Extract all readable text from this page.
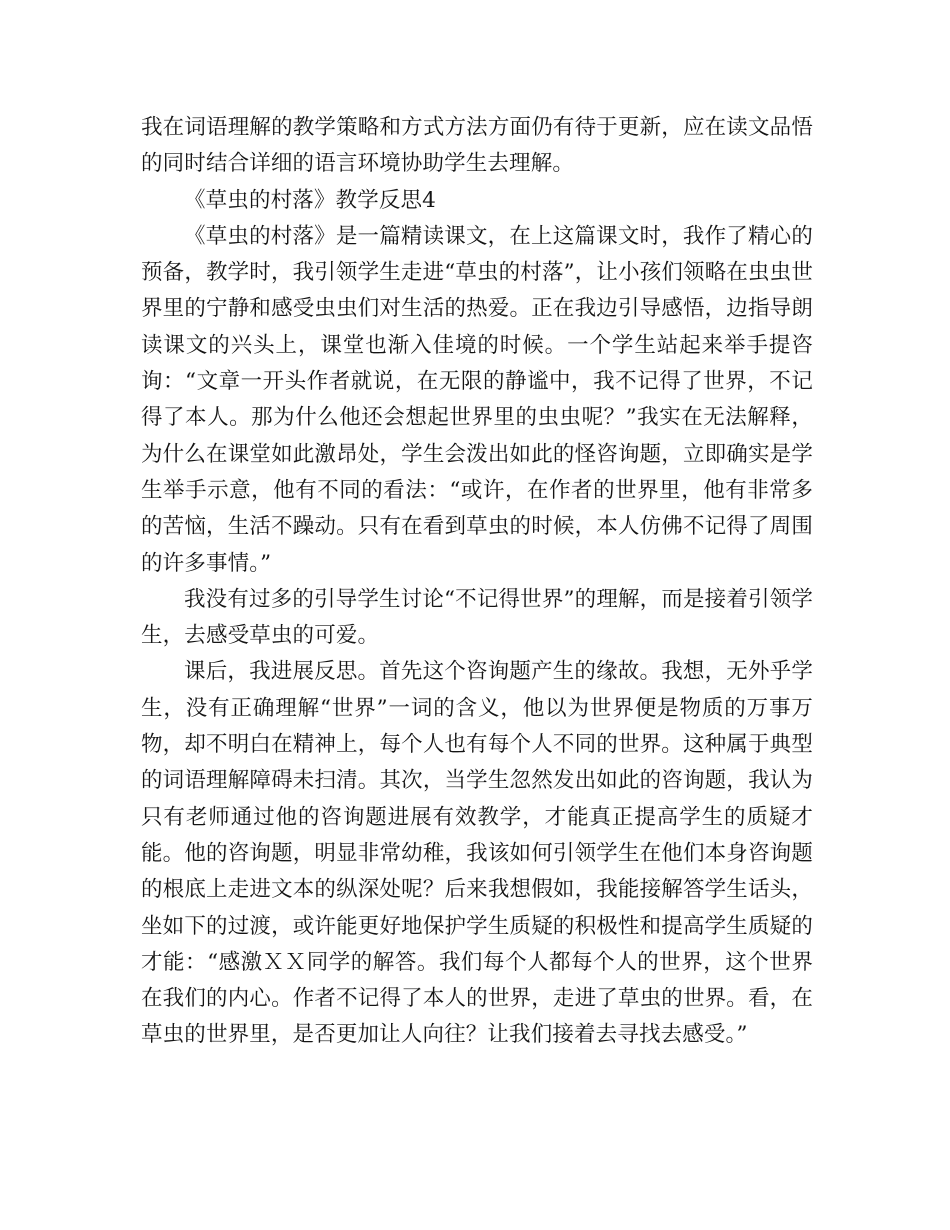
我在词语理解的教学策略和方式方法方面仍有待于更新，应在读文品悟的同时结合详细的语言环境协助学生去理解。

《草虫的村落》教学反思4

《草虫的村落》是一篇精读课文，在上这篇课文时，我作了精心的预备，教学时，我引领学生走进“草虫的村落”，让小孩们领略在虫虫世界里的宁静和感受虫虫们对生活的热爱。正在我边引导感悟，边指导朗读课文的兴头上，课堂也渐入佳境的时候。一个学生站起来举手提咨询：“文章一开头作者就说，在无限的静谧中，我不记得了世界，不记得了本人。那为什么他还会想起世界里的虫虫呢？”我实在无法解释，为什么在课堂如此激昂处，学生会泼出如此的怪咨询题，立即确实是学生举手示意，他有不同的看法：“或许，在作者的世界里，他有非常多的苦恼，生活不躁动。只有在看到草虫的时候，本人仿佛不记得了周围的许多事情。”

我没有过多的引导学生讨论“不记得世界”的理解，而是接着引领学生，去感受草虫的可爱。

课后，我进展反思。首先这个咨询题产生的缘故。我想，无外乎学生，没有正确理解“世界”一词的含义，他以为世界便是物质的万事万物，却不明白在精神上，每个人也有每个人不同的世界。这种属于典型的词语理解障碍未扫清。其次，当学生忽然发出如此的咨询题，我认为只有老师通过他的咨询题进展有效教学，才能真正提高学生的质疑才能。他的咨询题，明显非常幼稚，我该如何引领学生在他们本身咨询题的根底上走进文本的纵深处呢？后来我想假如，我能接解答学生话头，坐如下的过渡，或许能更好地保护学生质疑的积极性和提高学生质疑的才能：“感激ＸＸ同学的解答。我们每个人都每个人的世界，这个世界在我们的内心。作者不记得了本人的世界，走进了草虫的世界。看，在草虫的世界里，是否更加让人向往？让我们接着去寻找去感受。”
